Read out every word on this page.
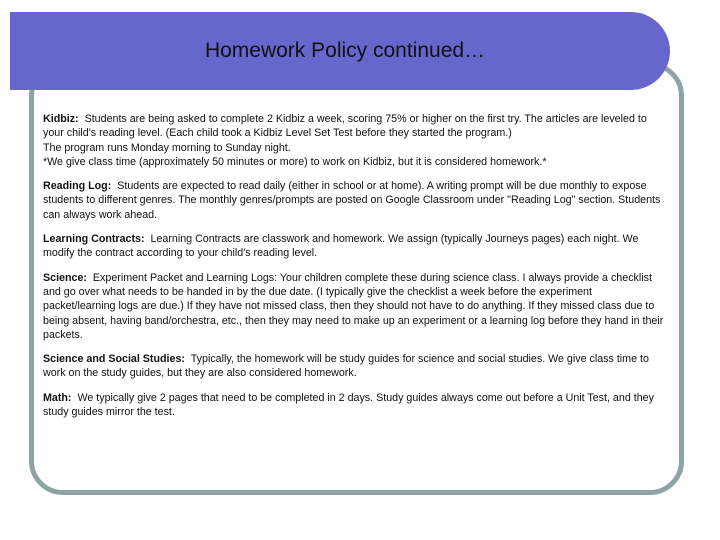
Homework Policy continued…

Kidbiz: Students are being asked to complete 2 Kidbiz a week, scoring 75% or higher on the first try. The articles are leveled to your child's reading level. (Each child took a Kidbiz Level Set Test before they started the program.)
The program runs Monday morning to Sunday night.
*We give class time (approximately 50 minutes or more) to work on Kidbiz, but it is considered homework.*

Reading Log: Students are expected to read daily (either in school or at home). A writing prompt will be due monthly to expose students to different genres. The monthly genres/prompts are posted on Google Classroom under "Reading Log" section. Students can always work ahead.

Learning Contracts: Learning Contracts are classwork and homework. We assign (typically Journeys pages) each night. We modify the contract according to your child's reading level.

Science: Experiment Packet and Learning Logs: Your children complete these during science class. I always provide a checklist and go over what needs to be handed in by the due date. (I typically give the checklist a week before the experiment packet/learning logs are due.) If they have not missed class, then they should not have to do anything. If they missed class due to being absent, having band/orchestra, etc., then they may need to make up an experiment or a learning log before they hand in their packets.

Science and Social Studies: Typically, the homework will be study guides for science and social studies. We give class time to work on the study guides, but they are also considered homework.

Math: We typically give 2 pages that need to be completed in 2 days. Study guides always come out before a Unit Test, and they study guides mirror the test.
